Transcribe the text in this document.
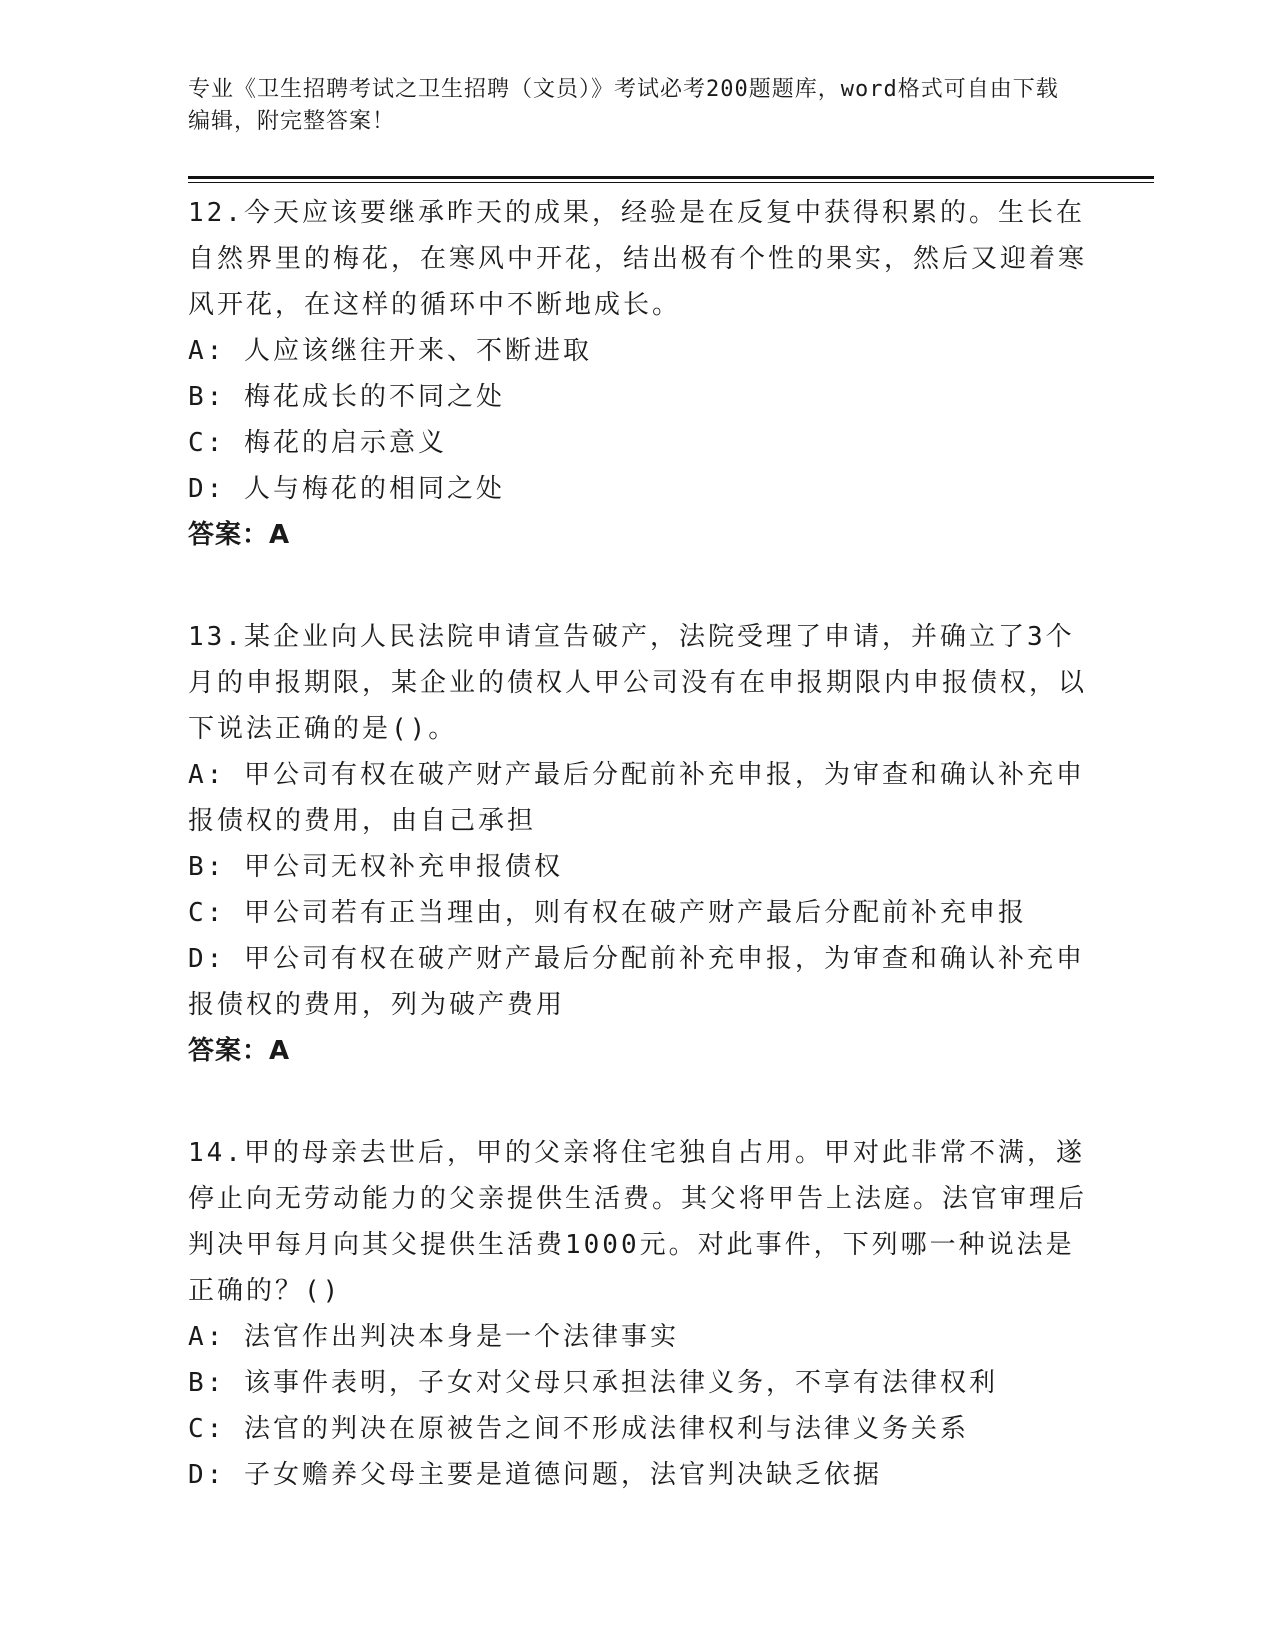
专业《卫生招聘考试之卫生招聘（文员）》考试必考200题题库，word格式可自由下载编辑，附完整答案！

12.今天应该要继承昨天的成果，经验是在反复中获得积累的。生长在自然界里的梅花，在寒风中开花，结出极有个性的果实，然后又迎着寒风开花，在这样的循环中不断地成长。

A: 人应该继往开来、不断进取

B: 梅花成长的不同之处

C: 梅花的启示意义

D: 人与梅花的相同之处

答案：A

13.某企业向人民法院申请宣告破产，法院受理了申请，并确立了3个月的申报期限，某企业的债权人甲公司没有在申报期限内申报债权，以下说法正确的是()。

A: 甲公司有权在破产财产最后分配前补充申报，为审查和确认补充申报债权的费用，由自己承担

B: 甲公司无权补充申报债权

C: 甲公司若有正当理由，则有权在破产财产最后分配前补充申报

D: 甲公司有权在破产财产最后分配前补充申报，为审查和确认补充申报债权的费用，列为破产费用

答案：A

14.甲的母亲去世后，甲的父亲将住宅独自占用。甲对此非常不满，遂停止向无劳动能力的父亲提供生活费。其父将甲告上法庭。法官审理后判决甲每月向其父提供生活费1000元。对此事件，下列哪一种说法是正确的？()

A: 法官作出判决本身是一个法律事实

B: 该事件表明，子女对父母只承担法律义务，不享有法律权利

C: 法官的判决在原被告之间不形成法律权利与法律义务关系

D: 子女赡养父母主要是道德问题，法官判决缺乏依据
